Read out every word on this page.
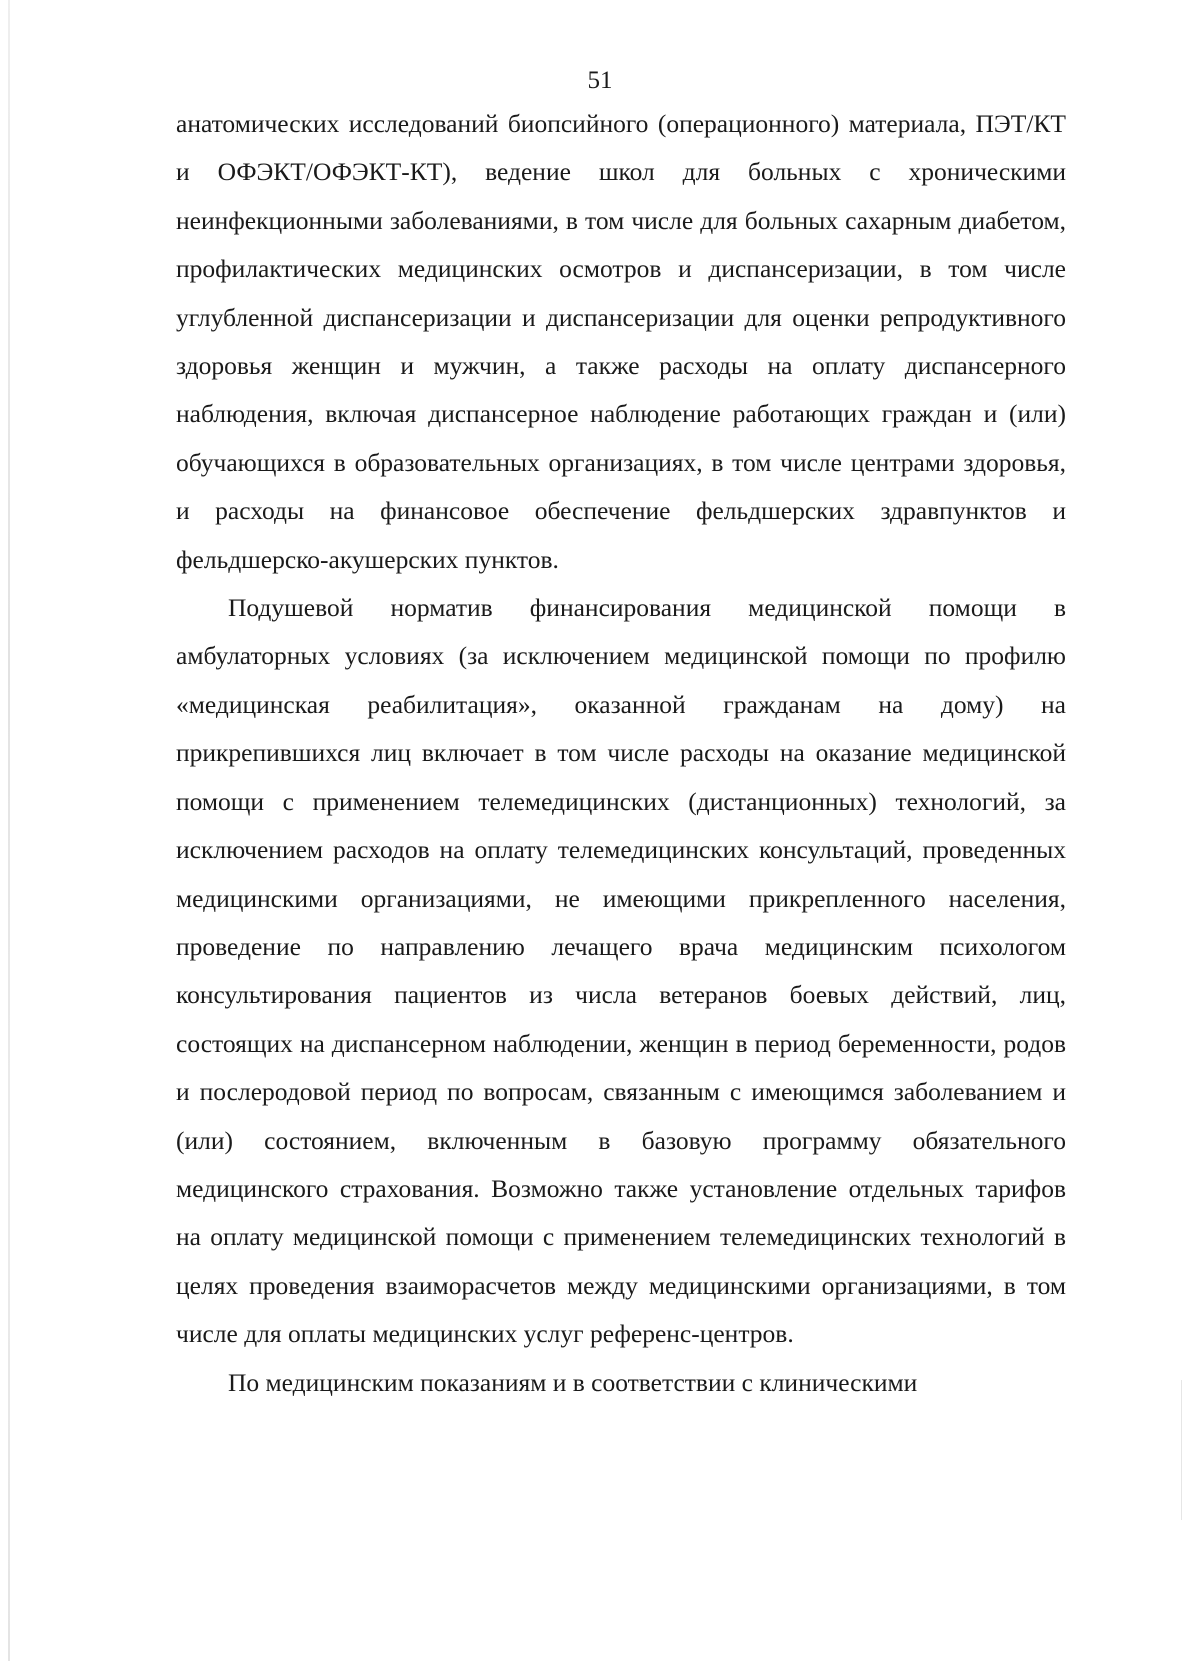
51

анатомических исследований биопсийного (операционного) материала, ПЭТ/КТ и ОФЭКТ/ОФЭКТ-КТ), ведение школ для больных с хроническими неинфекционными заболеваниями, в том числе для больных сахарным диабетом, профилактических медицинских осмотров и диспансеризации, в том числе углубленной диспансеризации и диспансеризации для оценки репродуктивного здоровья женщин и мужчин, а также расходы на оплату диспансерного наблюдения, включая диспансерное наблюдение работающих граждан и (или) обучающихся в образовательных организациях, в том числе центрами здоровья, и расходы на финансовое обеспечение фельдшерских здравпунктов и фельдшерско-акушерских пунктов.

Подушевой норматив финансирования медицинской помощи в амбулаторных условиях (за исключением медицинской помощи по профилю «медицинская реабилитация», оказанной гражданам на дому) на прикрепившихся лиц включает в том числе расходы на оказание медицинской помощи с применением телемедицинских (дистанционных) технологий, за исключением расходов на оплату телемедицинских консультаций, проведенных медицинскими организациями, не имеющими прикрепленного населения, проведение по направлению лечащего врача медицинским психологом консультирования пациентов из числа ветеранов боевых действий, лиц, состоящих на диспансерном наблюдении, женщин в период беременности, родов и послеродовой период по вопросам, связанным с имеющимся заболеванием и (или) состоянием, включенным в базовую программу обязательного медицинского страхования. Возможно также установление отдельных тарифов на оплату медицинской помощи с применением телемедицинских технологий в целях проведения взаиморасчетов между медицинскими организациями, в том числе для оплаты медицинских услуг референс-центров.

По медицинским показаниям и в соответствии с клиническими
